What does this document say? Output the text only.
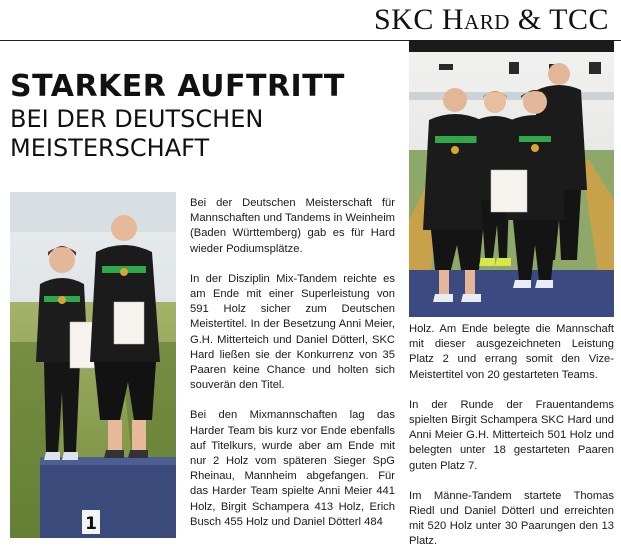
SKC Hard & TCC
STARKER AUFTRITT
BEI DER DEUTSCHEN
MEISTERSCHAFT
1

Bei der Deutschen Meisterschaft für Mannschaften und Tandems in Weinheim (Baden Württemberg) gab es für Hard wieder Podiumsplätze.

In der Disziplin Mix-Tandem reichte es am Ende mit einer Superleistung von 591 Holz sicher zum Deutschen Meistertitel. In der Besetzung Anni Meier, G.H. Mitterteich und Daniel Dötterl, SKC Hard ließen sie der Konkurrenz von 35 Paaren keine Chance und holten sich souverän den Titel.

Bei den Mixmannschaften lag das Harder Team bis kurz vor Ende ebenfalls auf Titelkurs, wurde aber am Ende mit nur 2 Holz vom späteren Sieger SpG Rheinau, Mannheim abgefangen. Für das Harder Team spielte Anni Meier 441 Holz, Birgit Schampera 413 Holz, Erich Busch 455 Holz und Daniel Dötterl 484

Holz. Am Ende belegte die Mannschaft mit dieser ausgezeichneten Leistung Platz 2 und errang somit den Vize-Meistertitel von 20 gestarteten Teams.

In der Runde der Frauentandems spielten Birgit Schampera SKC Hard und Anni Meier G.H. Mitterteich 501 Holz und belegten unter 18 gestarteten Paaren guten Platz 7.

Im Männe-Tandem startete Thomas Riedl und Daniel Dötterl und erreichten mit 520 Holz unter 30 Paarungen den 13 Platz.
